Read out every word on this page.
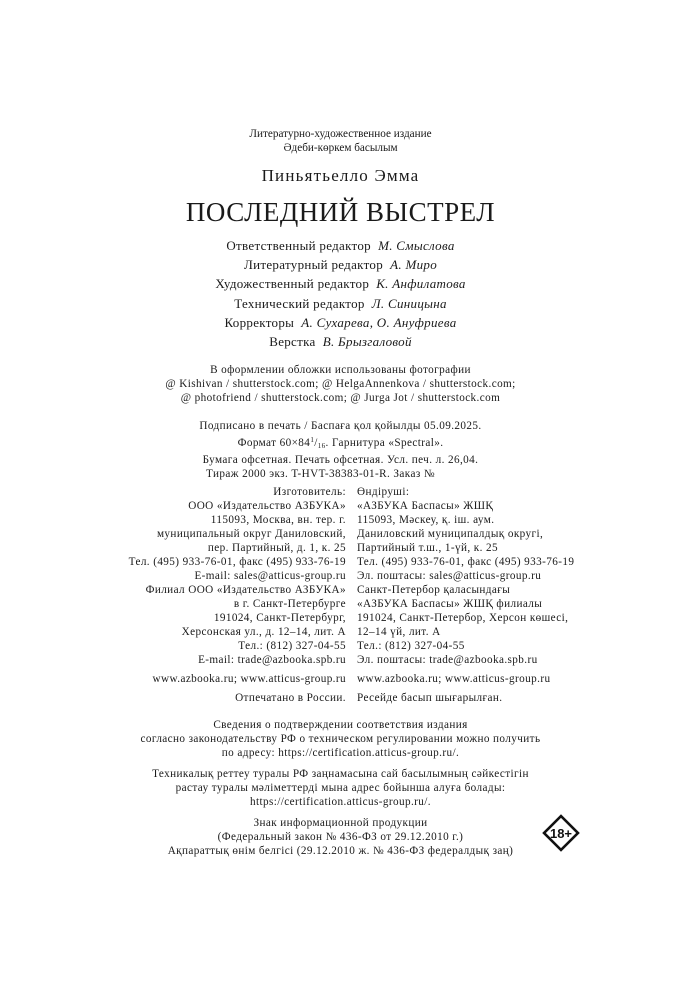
Литературно-художественное издание
Әдеби-көркем басылым
Пиньятьелло Эмма
ПОСЛЕДНИЙ ВЫСТРЕЛ
Ответственный редактор М. Смыслова
Литературный редактор А. Миро
Художественный редактор К. Анфилатова
Технический редактор Л. Синицына
Корректоры А. Сухарева, О. Ануфриева
Верстка В. Брызгаловой
В оформлении обложки использованы фотографии
@ Kishivan / shutterstock.com; @ HelgaAnnenkova / shutterstock.com;
@ photofriend / shutterstock.com; @ Jurga Jot / shutterstock.com
Подписано в печать / Баспаға қол қойылды 05.09.2025.
Формат $60\times 84^1/_{16}$. Гарнитура «Spectral».
Бумага офсетная. Печать офсетная. Усл. печ. л. 26,04.
Тираж 2000 экз. T-HVT-38383-01-R. Заказ №
Изготовитель:
ООО «Издательство АЗБУКА»
115093, Москва, вн. тер. г.
муниципальный округ Даниловский,
пер. Партийный, д. 1, к. 25
Тел. (495) 933-76-01, факс (495) 933-76-19
E-mail: sales@atticus-group.ru
Филиал ООО «Издательство АЗБУКА»
в г. Санкт-Петербурге
191024, Санкт-Петербург,
Херсонская ул., д. 12–14, лит. А
Тел.: (812) 327-04-55
E-mail: trade@azbooka.spb.ru
www.azbooka.ru; www.atticus-group.ru
Отпечатано в России.
Өндіруші:
«АЗБУКА Баспасы» ЖШҚ
115093, Мәскеу, қ. іш. аум.
Даниловский муниципалдық округі,
Партийный т.ш., 1-үй, к. 25
Тел. (495) 933-76-01, факс (495) 933-76-19
Эл. поштасы: sales@atticus-group.ru
Санкт-Петербор қаласындағы
«АЗБУКА Баспасы» ЖШҚ филиалы
191024, Санкт-Петербор, Херсон көшесі,
12–14 үй, лит. А
Тел.: (812) 327-04-55
Эл. поштасы: trade@azbooka.spb.ru
www.azbooka.ru; www.atticus-group.ru
Ресейде басып шығарылған.
Сведения о подтверждении соответствия издания
согласно законодательству РФ о техническом регулировании можно получить
по адресу: https://certification.atticus-group.ru/.
Техникалық реттеу туралы РФ заңнамасына сай басылымның сәйкестігін
растау туралы мәліметтерді мына адрес бойынша алуға болады:
https://certification.atticus-group.ru/.
Знак информационной продукции
(Федеральный закон № 436-ФЗ от 29.12.2010 г.)
Ақпараттық өнім белгісі (29.12.2010 ж. № 436-ФЗ федералдық заң)
18+
